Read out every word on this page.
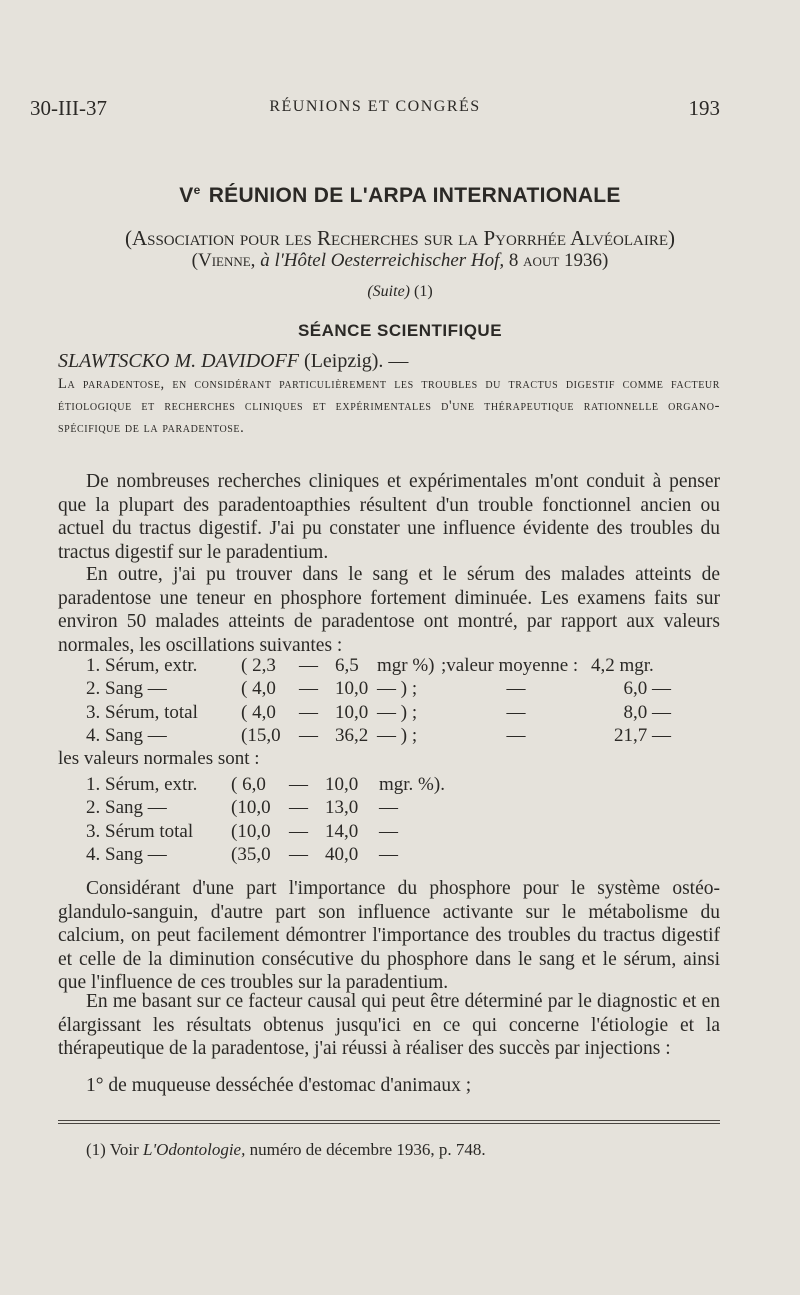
30-III-37	RÉUNIONS ET CONGRÉS	193
Ve RÉUNION DE L'ARPA INTERNATIONALE
(Association pour les Recherches sur la Pyorrhée Alvéolaire)
(Vienne, à l'Hôtel Oesterreichischer Hof, 8 aout 1936)
(Suite) (1)
SÉANCE SCIENTIFIQUE
SLAWTSCKO M. DAVIDOFF (Leipzig). —
La paradentose, en considérant particulièrement les troubles du tractus digestif comme facteur étiologique et recherches cliniques et expérimentales d'une thérapeutique rationnelle organo-spécifique de la paradentose.

De nombreuses recherches cliniques et expérimentales m'ont conduit à penser que la plupart des paradentoapthies résultent d'un trouble fonctionnel ancien ou actuel du tractus digestif. J'ai pu constater une influence évidente des troubles du tractus digestif sur le paradentium.

En outre, j'ai pu trouver dans le sang et le sérum des malades atteints de paradentose une teneur en phosphore fortement diminuée. Les examens faits sur environ 50 malades atteints de paradentose ont montré, par rapport aux valeurs normales, les oscillations suivantes :

1. Sérum, extr.	( 2,3	—	6,5	mgr %)	;valeur moyenne :	4,2 mgr.
2. Sang —	( 4,0	—	10,0	— ) ;	—	6,0 —
3. Sérum, total	( 4,0	—	10,0	— ) ;	—	8,0 —
4. Sang —	(15,0	—	36,2	— ) ;	—	21,7 —
les valeurs normales sont :
1. Sérum, extr.	( 6,0	—	10,0	mgr. %).
2. Sang —	(10,0	—	13,0	—
3. Sérum total	(10,0	—	14,0	—
4. Sang —	(35,0	—	40,0	—

Considérant d'une part l'importance du phosphore pour le système ostéo-glandulo-sanguin, d'autre part son influence activante sur le métabolisme du calcium, on peut facilement démontrer l'importance des troubles du tractus digestif et celle de la diminution consécutive du phosphore dans le sang et le sérum, ainsi que l'influence de ces troubles sur la paradentium.

En me basant sur ce facteur causal qui peut être déterminé par le diagnostic et en élargissant les résultats obtenus jusqu'ici en ce qui concerne l'étiologie et la thérapeutique de la paradentose, j'ai réussi à réaliser des succès par injections :

1° de muqueuse desséchée d'estomac d'animaux ;
(1) Voir L'Odontologie, numéro de décembre 1936, p. 748.
